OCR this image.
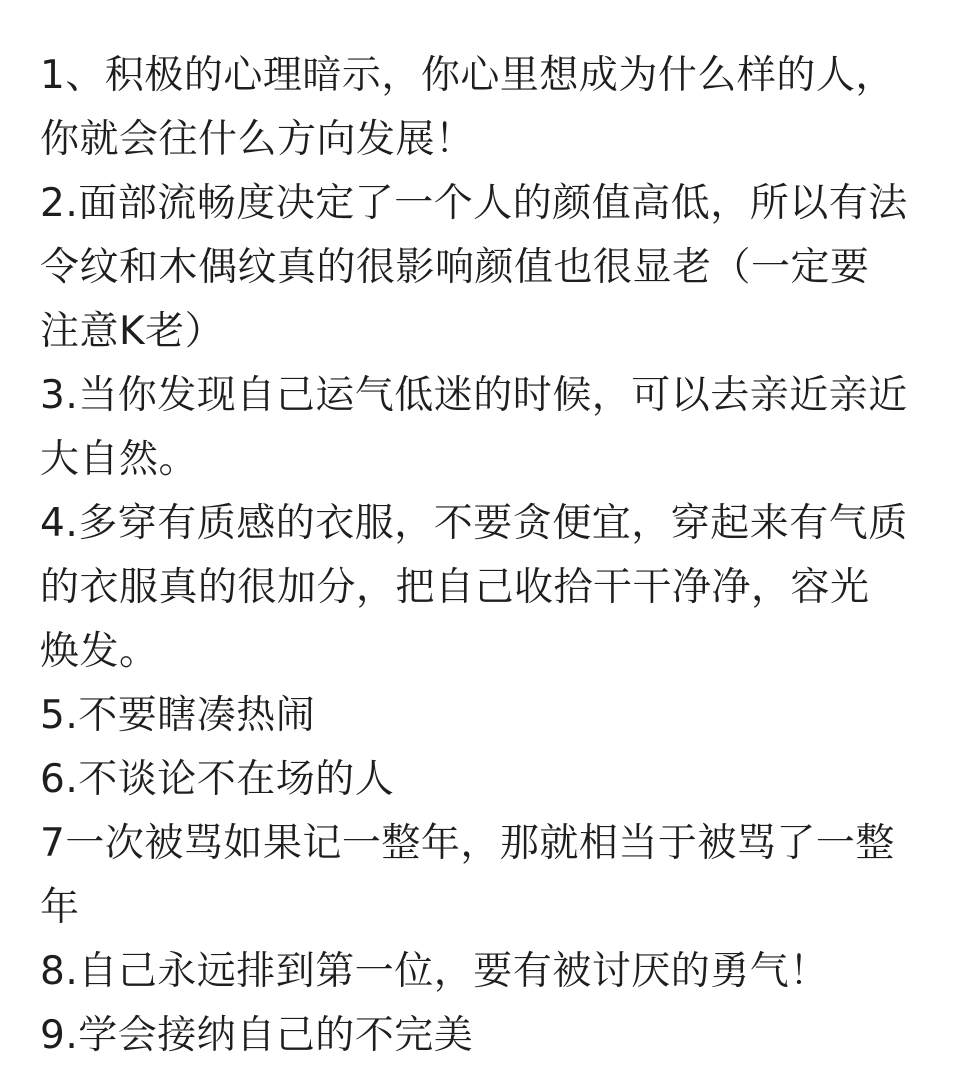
1、积极的心理暗示，你心里想成为什么样的人，
你就会往什么方向发展！
2.面部流畅度决定了一个人的颜值高低，所以有法
令纹和木偶纹真的很影响颜值也很显老（一定要
注意K老）
3.当你发现自己运气低迷的时候，可以去亲近亲近
大自然。
4.多穿有质感的衣服，不要贪便宜，穿起来有气质
的衣服真的很加分，把自己收拾干干净净，容光
焕发。
5.不要瞎凑热闹
6.不谈论不在场的人
7一次被骂如果记一整年，那就相当于被骂了一整
年
8.自己永远排到第一位，要有被讨厌的勇气！
9.学会接纳自己的不完美
